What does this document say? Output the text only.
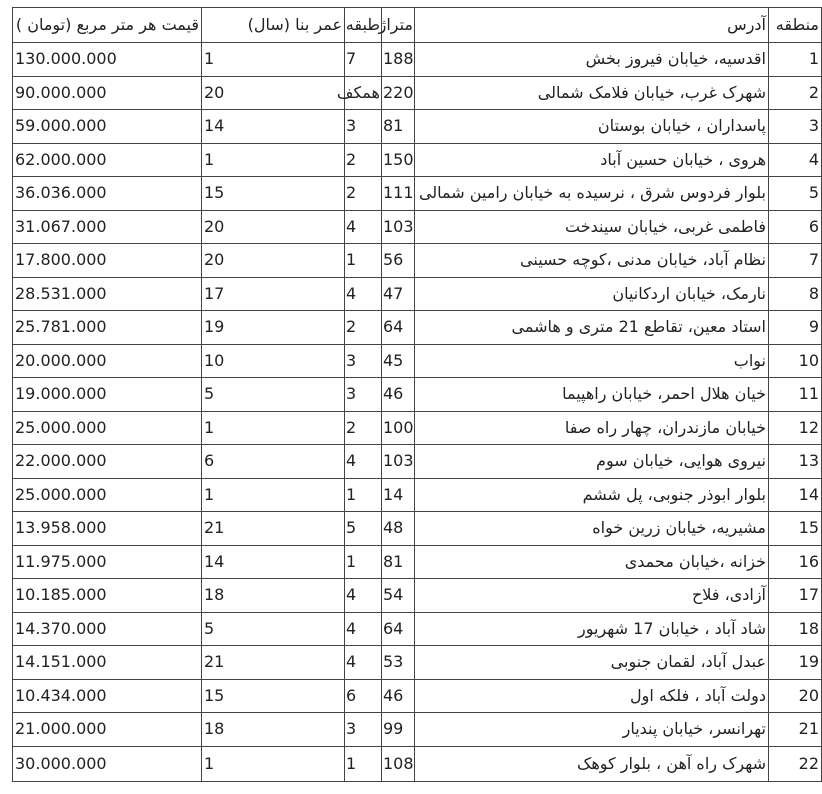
منطقه	آدرس	متراژ	طبقه	عمر بنا (سال)	قیمت هر متر مربع (تومان )
1	اقدسیه، خیابان فیروز بخش	188	7	1	130.000.000
2	شهرک غرب، خیابان فلامک شمالی	220	همکف	20	90.000.000
3	پاسداران ، خیابان بوستان	81	3	14	59.000.000
4	هروی ، خیابان حسین آباد	150	2	1	62.000.000
5	بلوار فردوس شرق ، نرسیده به خیابان رامین شمالی	111	2	15	36.036.000
6	فاطمی غربی، خیابان سیندخت	103	4	20	31.067.000
7	نظام آباد، خیابان مدنی ،کوچه حسینی	56	1	20	17.800.000
8	نارمک، خیابان اردکانیان	47	4	17	28.531.000
9	استاد معین، تقاطع 21 متری و هاشمی	64	2	19	25.781.000
10	نواب	45	3	10	20.000.000
11	خیان هلال احمر، خیابان راهپیما	46	3	5	19.000.000
12	خیابان مازندران، چهار راه صفا	100	2	1	25.000.000
13	نیروی هوایی، خیابان سوم	103	4	6	22.000.000
14	بلوار ابوذر جنوبی، پل ششم	14	1	1	25.000.000
15	مشیریه، خیابان زرین خواه	48	5	21	13.958.000
16	خزانه ،خیابان محمدی	81	1	14	11.975.000
17	آزادی، فلاح	54	4	18	10.185.000
18	شاد آباد ، خیابان 17 شهریور	64	4	5	14.370.000
19	عبدل آباد، لقمان جنوبی	53	4	21	14.151.000
20	دولت آباد ، فلکه اول	46	6	15	10.434.000
21	تهرانسر، خیابان پندیار	99	3	18	21.000.000
22	شهرک راه آهن ، بلوار کوهک	108	1	1	30.000.000
